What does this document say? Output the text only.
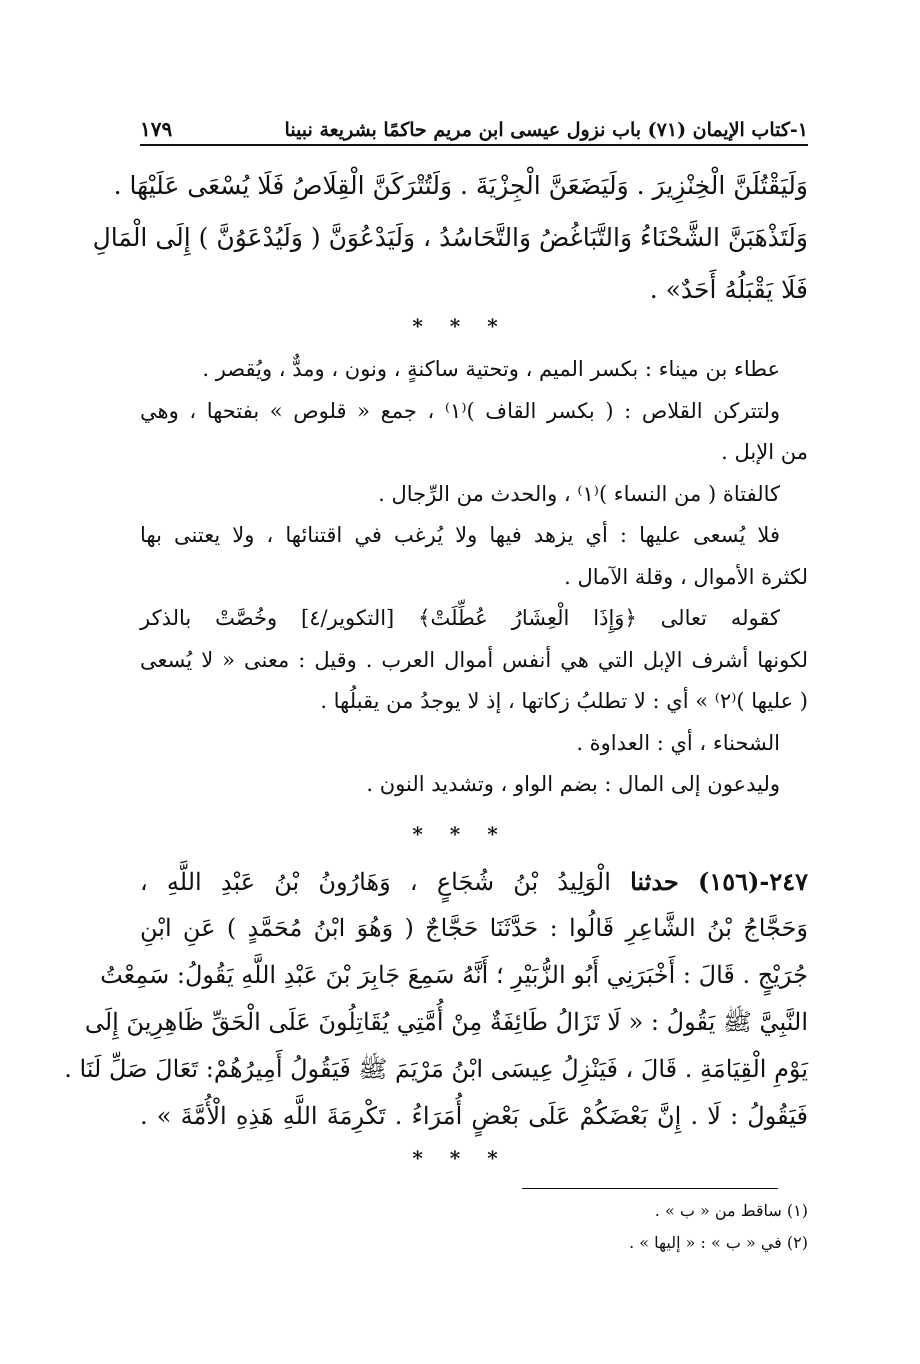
١-كتاب الإيمان (٧١) باب نزول عيسى ابن مريم حاكمًا بشريعة نبينا
١٧٩
وَلَيَقْتُلَنَّ الْخِنْزِيرَ . وَلَيَضَعَنَّ الْجِزْيَةَ . وَلَتُتْرَكَنَّ الْقِلَاصُ فَلَا يُسْعَى عَلَيْهَا .
وَلَتَذْهَبَنَّ الشَّحْنَاءُ وَالتَّبَاغُضُ وَالتَّحَاسُدُ ، وَلَيَدْعُوَنَّ ( وَلَيُدْعَوُنَّ ) إِلَى الْمَالِ
فَلَا يَقْبَلُهُ أَحَدٌ» .
* * *
عطاء بن ميناء : بكسر الميم ، وتحتية ساكنةٍ ، ونون ، ومدٌّ ، ويُقصر .
ولتتركن القلاص : ( بكسر القاف )⁽١⁾ ، جمع « قلوص » بفتحها ، وهي
من الإبل .
كالفتاة ( من النساء )⁽١⁾ ، والحدث من الرِّجال .
فلا يُسعى عليها : أي يزهد فيها ولا يُرغب في اقتنائها ، ولا يعتنى بها
لكثرة الأموال ، وقلة الآمال .
كقوله تعالى ﴿وَإِذَا الْعِشَارُ عُطِّلَتْ﴾ [التكوير/٤] وخُصَّتْ بالذكر
لكونها أشرف الإبل التي هي أنفس أموال العرب . وقيل : معنى « لا يُسعى
( عليها )⁽٢⁾ » أي : لا تطلبُ زكاتها ، إذ لا يوجدُ من يقبلُها .
الشحناء ، أي : العداوة .
وليدعون إلى المال : بضم الواو ، وتشديد النون .
* * *
٢٤٧-(١٥٦) حدثنا الْوَلِيدُ بْنُ شُجَاعٍ ، وَهَارُونُ بْنُ عَبْدِ اللَّهِ ،
وَحَجَّاجُ بْنُ الشَّاعِرِ قَالُوا : حَدَّثَنَا حَجَّاجٌ ( وَهُوَ ابْنُ مُحَمَّدٍ ) عَنِ ابْنِ
جُرَيْجٍ . قَالَ : أَخْبَرَنِي أَبُو الزُّبَيْرِ ؛ أَنَّهُ سَمِعَ جَابِرَ بْنَ عَبْدِ اللَّهِ يَقُولُ: سَمِعْتُ
النَّبِيَّ ﷺ يَقُولُ : « لَا تَزَالُ طَائِفَةٌ مِنْ أُمَّتِي يُقَاتِلُونَ عَلَى الْحَقِّ ظَاهِرِينَ إِلَى
يَوْمِ الْقِيَامَةِ . قَالَ ، فَيَنْزِلُ عِيسَى ابْنُ مَرْيَمَ ﷺ فَيَقُولُ أَمِيرُهُمْ: تَعَالَ صَلِّ لَنَا .
فَيَقُولُ : لَا . إِنَّ بَعْضَكُمْ عَلَى بَعْضٍ أُمَرَاءُ . تَكْرِمَةَ اللَّهِ هَذِهِ الْأُمَّةَ » .
* * *
(١) ساقط من « ب » .
(٢) في « ب » : « إليها » .
